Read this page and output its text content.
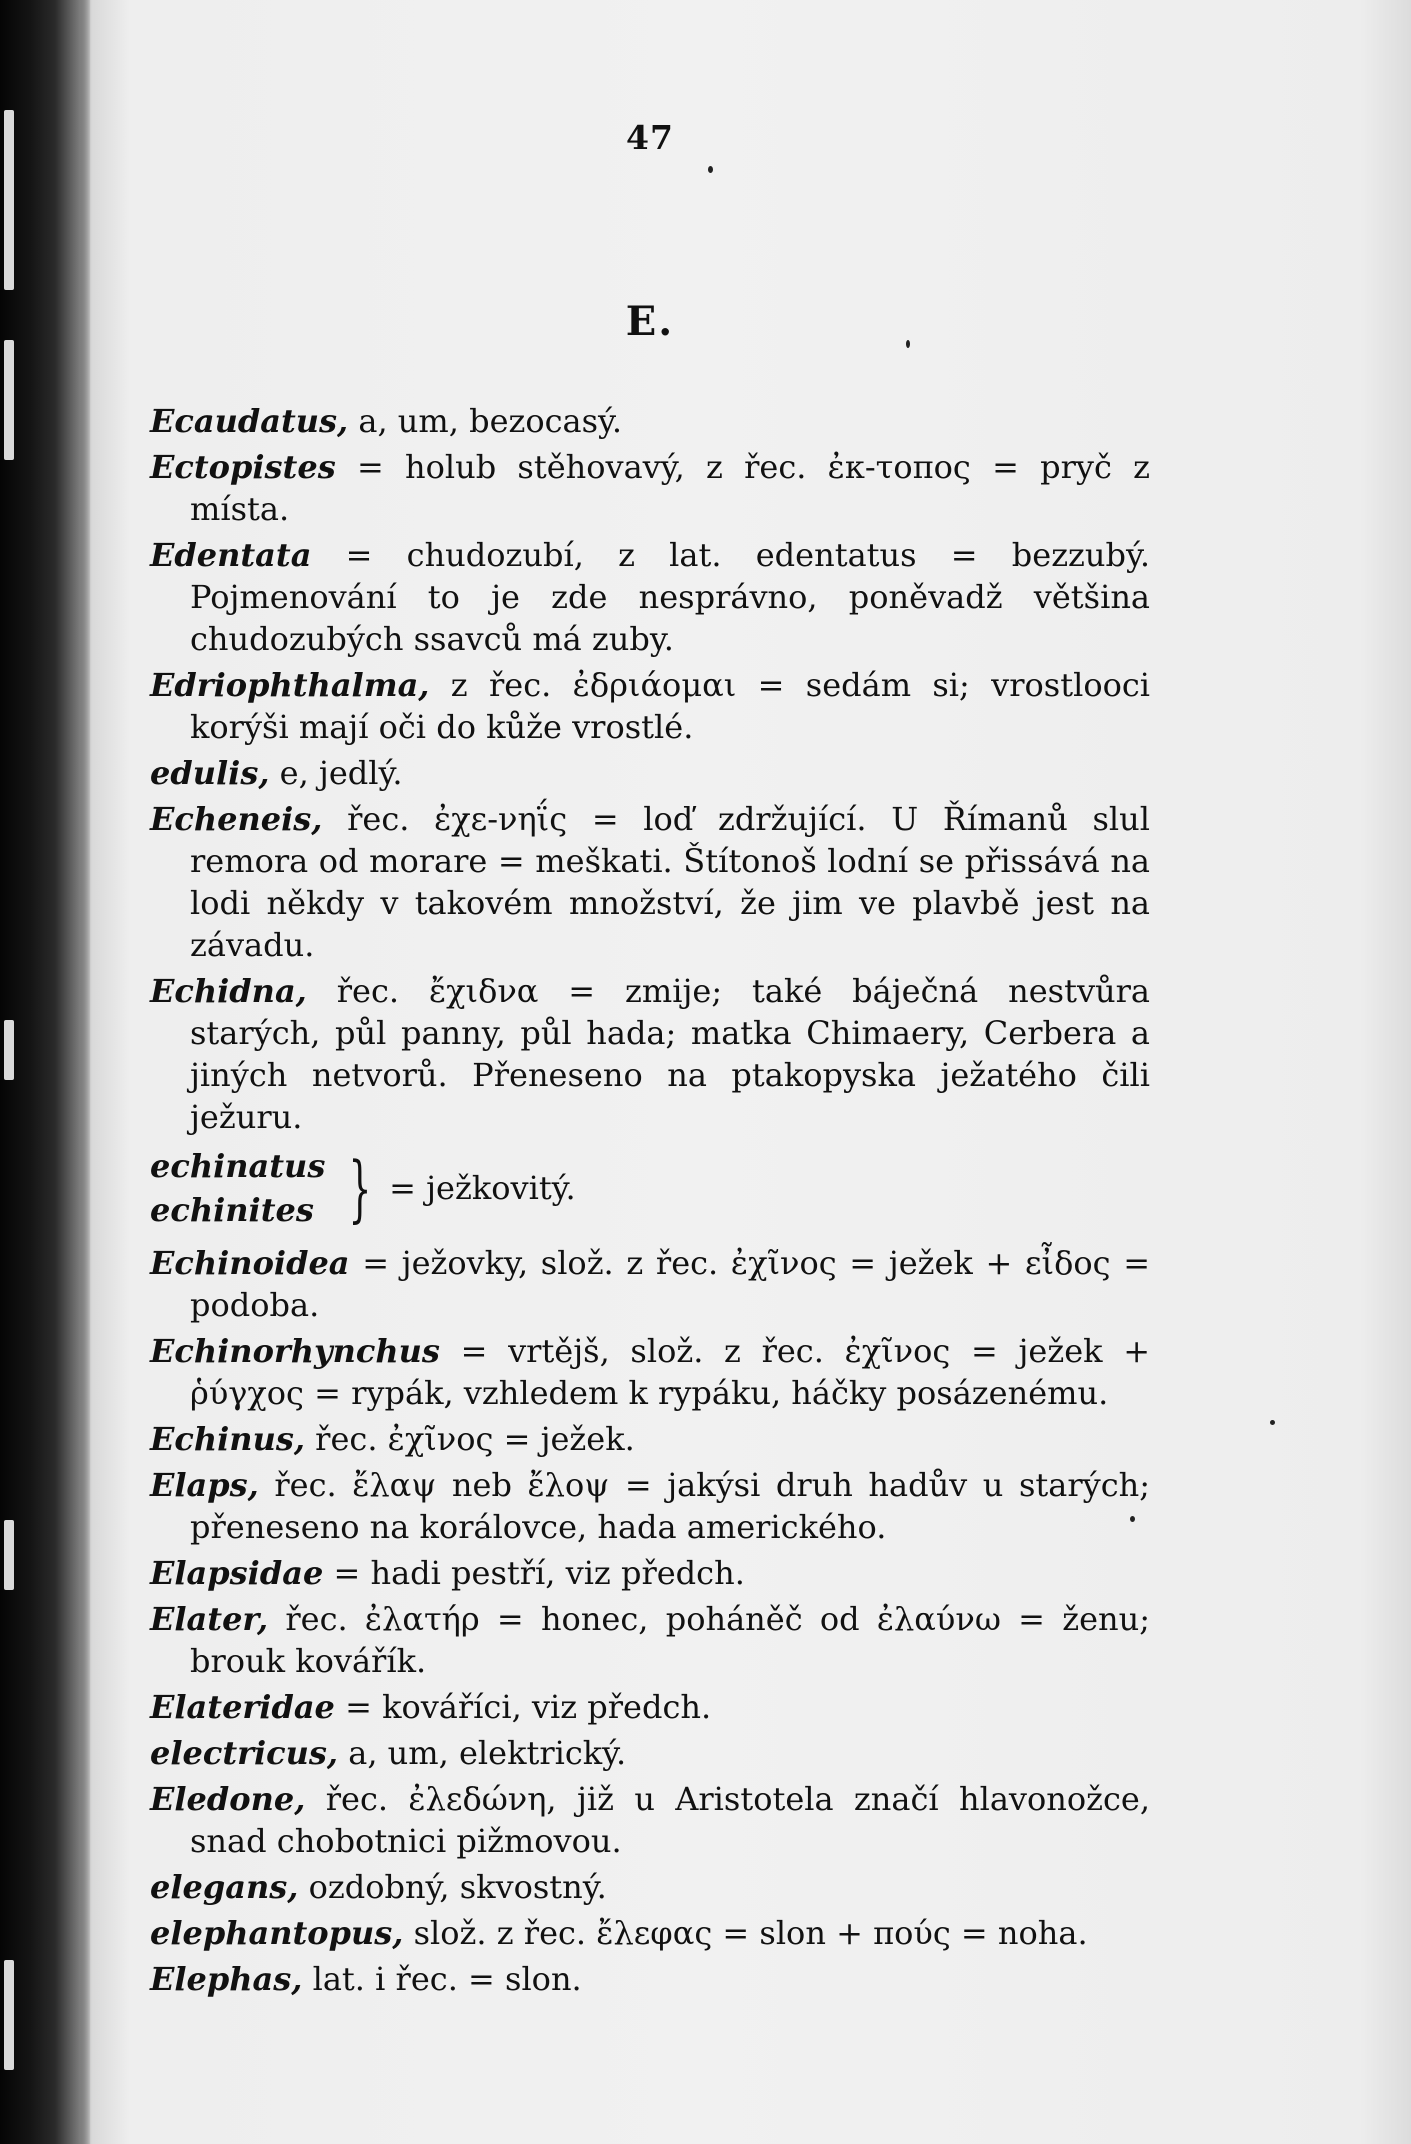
47
E.
Ecaudatus, a, um, bezocasý.
Ectopistes = holub stěhovavý, z řec. ἐκ-τοπος = pryč z místa.
Edentata = chudozubí, z lat. edentatus = bezzubý. Pojmenování to je zde nesprávno, poněvadž většina chudozubých ssavců má zuby.
Edriophthalma, z řec. ἐδριάομαι = sedám si; vrostlooci korýši mají oči do kůže vrostlé.
edulis, e, jedlý.
Echeneis, řec. ἐχε-νηΐς = loď zdržující. U Římanů slul remora od morare = meškati. Štítonoš lodní se přissává na lodi někdy v takovém množství, že jim ve plavbě jest na závadu.
Echidna, řec. ἔχιδνα = zmije; také báječná nestvůra starých, půl panny, půl hada; matka Chimaery, Cerbera a jiných netvorů. Přeneseno na ptakopyska ježatého čili ježuru.
echinatus
echinites } = ježkovitý.
Echinoidea = ježovky, slož. z řec. ἐχῖνος = ježek + εἶδος = podoba.
Echinorhynchus = vrtějš, slož. z řec. ἐχῖνος = ježek + ῥύγχος = rypák, vzhledem k rypáku, háčky posázenému.
Echinus, řec. ἐχῖνος = ježek.
Elaps, řec. ἔλαψ neb ἔλοψ = jakýsi druh hadův u starých; přeneseno na korálovce, hada amerického.
Elapsidae = hadi pestří, viz předch.
Elater, řec. ἐλατήρ = honec, poháněč od ἐλαύνω = ženu; brouk kovářík.
Elateridae = kováříci, viz předch.
electricus, a, um, elektrický.
Eledone, řec. ἐλεδώνη, již u Aristotela značí hlavonožce, snad chobotnici pižmovou.
elegans, ozdobný, skvostný.
elephantopus, slož. z řec. ἔλεφας = slon + πούς = noha.
Elephas, lat. i řec. = slon.
